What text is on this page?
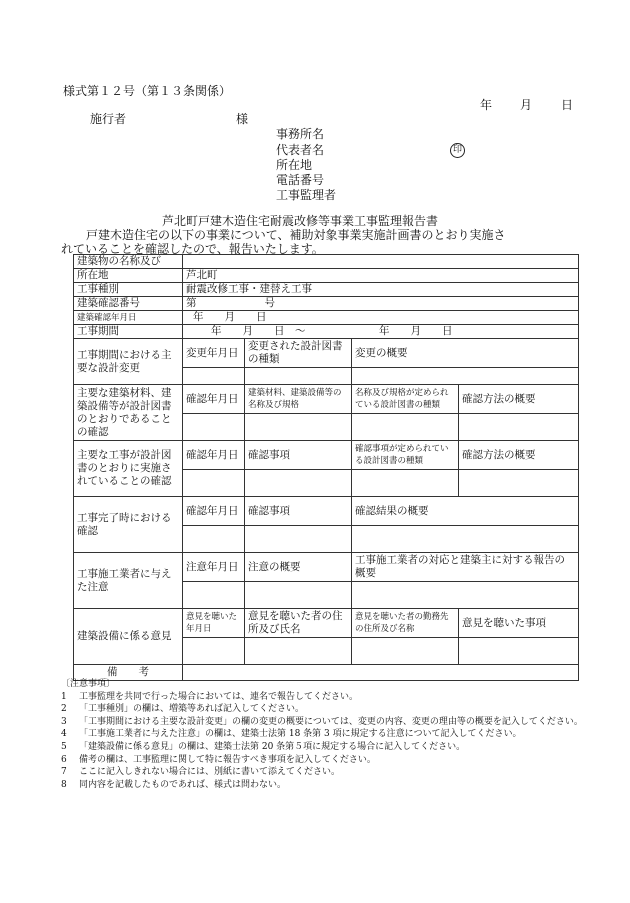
様式第１２号（第１３条関係）
年 月 日
施行者	様
事務所名
代表者名	印
所在地
電話番号
工事監理者
芦北町戸建木造住宅耐震改修等事業工事監理報告書
戸建木造住宅の以下の事業について、補助対象事業実施計画書のとおり実施さ
れていることを確認したので、報告いたします。
建築物の名称及び				
所在地	芦北町			
工事種別	耐震改修工事・建替え工事			
建築確認番号	第 号			
建築確認年月日	年　　月　　日			
工事期間	年　　月　　日　～　　　　　　　年　　月　　日			
工事期間における主要な設計変更	変更年月日	変更された設計図書の種類	変更の概要	

主要な建築材料、建築設備等が設計図書のとおりであることの確認	確認年月日	建築材料、建築設備等の名称及び規格	名称及び規格が定められている設計図書の種類	確認方法の概要

主要な工事が設計図書のとおりに実施されていることの確認	確認年月日	確認事項	確認事項が定められている設計図書の種類	確認方法の概要

工事完了時における確認	確認年月日	確認事項	確認結果の概要	

工事施工業者に与えた注意	注意年月日	注意の概要	工事施工業者の対応と建築主に対する報告の概要	

建築設備に係る意見	意見を聴いた年月日	意見を聴いた者の住所及び氏名	意見を聴いた者の勤務先の住所及び名称	意見を聴いた事項

備　　考				
〔注意事項〕
1 工事監理を共同で行った場合においては、連名で報告してください。
2 「工事種別」の欄は、増築等あれば記入してください。
3 「工事期間における主要な設計変更」の欄の変更の概要については、変更の内容、変更の理由等の概要を記入してください。
4 「工事施工業者に与えた注意」の欄は、建築士法第 18 条第 3 項に規定する注意について記入してください。
5 「建築設備に係る意見」の欄は、建築士法第 20 条第５項に規定する場合に記入してください。
6 備考の欄は、工事監理に関して特に報告すべき事項を記入してください。
7 ここに記入しきれない場合には、別紙に書いて添えてください。
8 同内容を記載したものであれば、様式は問わない。
